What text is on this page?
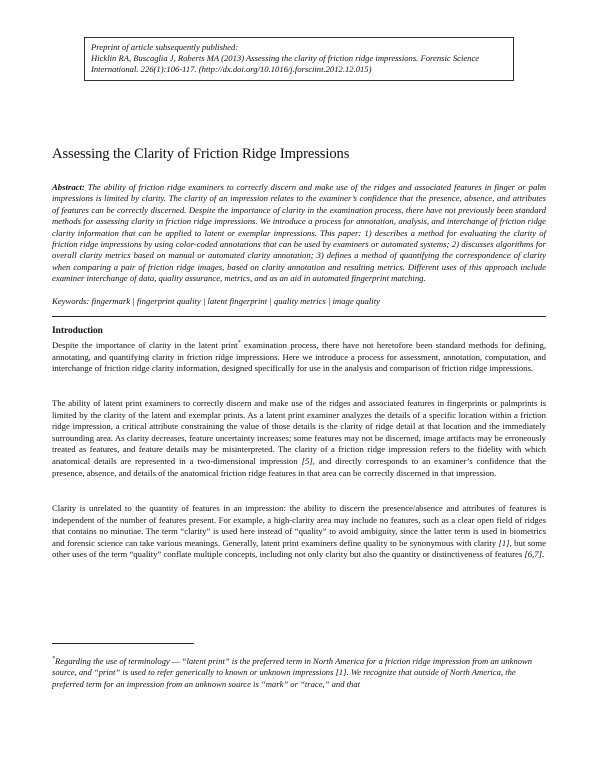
Preprint of article subsequently published:
Hicklin RA, Buscaglia J, Roberts MA (2013) Assessing the clarity of friction ridge impressions. Forensic Science International. 226(1):106-117. (http://dx.doi.org/10.1016/j.forsciint.2012.12.015)
Assessing the Clarity of Friction Ridge Impressions
Abstract: The ability of friction ridge examiners to correctly discern and make use of the ridges and associated features in finger or palm impressions is limited by clarity. The clarity of an impression relates to the examiner’s confidence that the presence, absence, and attributes of features can be correctly discerned. Despite the importance of clarity in the examination process, there have not previously been standard methods for assessing clarity in friction ridge impressions. We introduce a process for annotation, analysis, and interchange of friction ridge clarity information that can be applied to latent or exemplar impressions. This paper: 1) describes a method for evaluating the clarity of friction ridge impressions by using color-coded annotations that can be used by examiners or automated systems; 2) discusses algorithms for overall clarity metrics based on manual or automated clarity annotation; 3) defines a method of quantifying the correspondence of clarity when comparing a pair of friction ridge images, based on clarity annotation and resulting metrics. Different uses of this approach include examiner interchange of data, quality assurance, metrics, and as an aid in automated fingerprint matching.
Keywords: fingermark | fingerprint quality | latent fingerprint | quality metrics | image quality
Introduction
Despite the importance of clarity in the latent print* examination process, there have not heretofore been standard methods for defining, annotating, and quantifying clarity in friction ridge impressions. Here we introduce a process for assessment, annotation, computation, and interchange of friction ridge clarity information, designed specifically for use in the analysis and comparison of friction ridge impressions.
The ability of latent print examiners to correctly discern and make use of the ridges and associated features in fingerprints or palmprints is limited by the clarity of the latent and exemplar prints. As a latent print examiner analyzes the details of a specific location within a friction ridge impression, a critical attribute constraining the value of those details is the clarity of ridge detail at that location and the immediately surrounding area. As clarity decreases, feature uncertainty increases; some features may not be discerned, image artifacts may be erroneously treated as features, and feature details may be misinterpreted. The clarity of a friction ridge impression refers to the fidelity with which anatomical details are represented in a two-dimensional impression [5], and directly corresponds to an examiner’s confidence that the presence, absence, and details of the anatomical friction ridge features in that area can be correctly discerned in that impression.
Clarity is unrelated to the quantity of features in an impression: the ability to discern the presence/absence and attributes of features is independent of the number of features present. For example, a high-clarity area may include no features, such as a clear open field of ridges that contains no minutiae. The term “clarity” is used here instead of “quality” to avoid ambiguity, since the latter term is used in biometrics and forensic science can take various meanings. Generally, latent print examiners define quality to be synonymous with clarity [1], but some other uses of the term “quality” conflate multiple concepts, including not only clarity but also the quantity or distinctiveness of features [6,7].
*Regarding the use of terminology — “latent print” is the preferred term in North America for a friction ridge impression from an unknown source, and “print” is used to refer generically to known or unknown impressions [1]. We recognize that outside of North America, the preferred term for an impression from an unknown source is “mark” or “trace,” and that
